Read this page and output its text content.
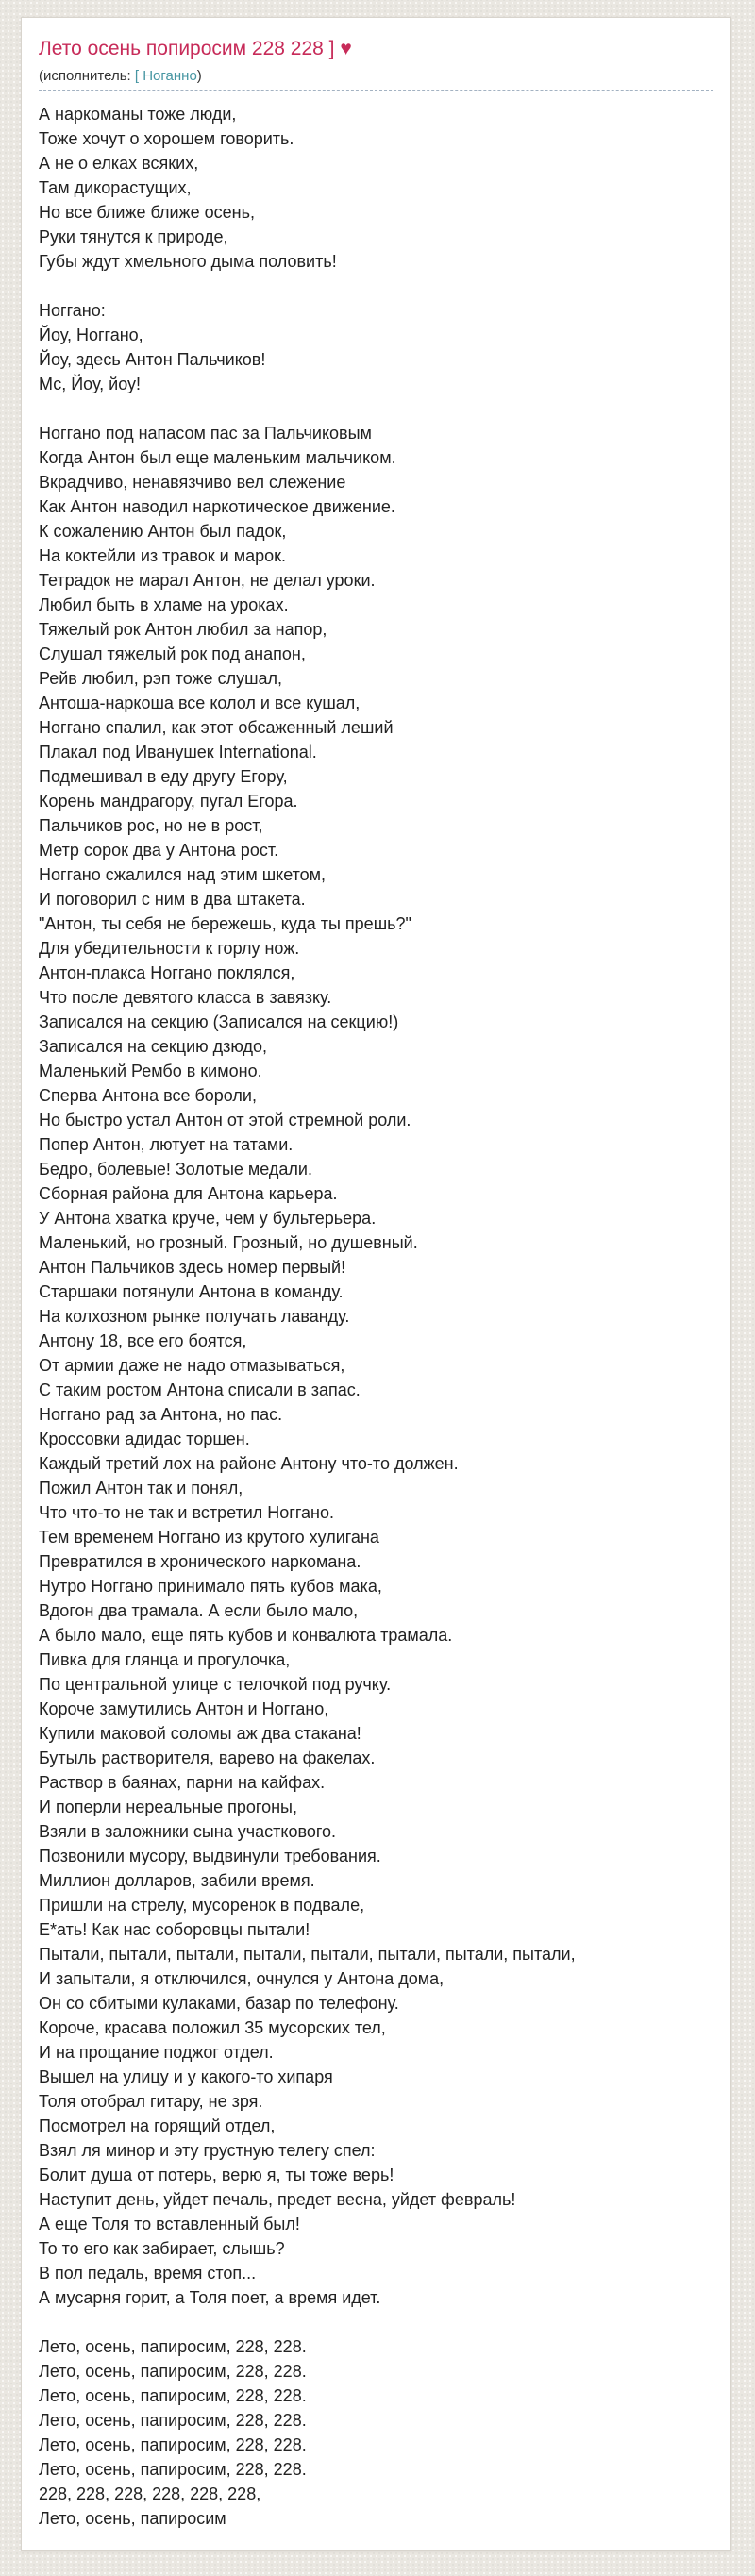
Лето осень попиросим 228 228 ] ♥
(исполнитель: [ Ноганно)

А наркоманы тоже люди,
Тоже хочут о хорошем говорить.
А не о елках всяких,
Там дикорастущих,
Но все ближе ближе осень,
Руки тянутся к природе,
Губы ждут хмельного дыма половить!

Ноггано:
Йоу, Ноггано,
Йоу, здесь Антон Пальчиков!
Мс, Йоу, йоу!

Ноггано под напасом пас за Пальчиковым
Когда Антон был еще маленьким мальчиком.
Вкрадчиво, ненавязчиво вел слежение
Как Антон наводил наркотическое движение.
К сожалению Антон был падок,
На коктейли из травок и марок.
Тетрадок не марал Антон, не делал уроки.
Любил быть в хламе на уроках.
Тяжелый рок Антон любил за напор,
Слушал тяжелый рок под анапон,
Рейв любил, рэп тоже слушал,
Антоша-наркоша все колол и все кушал,
Ноггано спалил, как этот обсаженный леший
Плакал под Иванушек International.
Подмешивал в еду другу Егору,
Корень мандрагору, пугал Егора.
Пальчиков рос, но не в рост,
Метр сорок два у Антона рост.
Ноггано сжалился над этим шкетом,
И поговорил с ним в два штакета.
"Антон, ты себя не бережешь, куда ты прешь?"
Для убедительности к горлу нож.
Антон-плакса Ноггано поклялся,
Что после девятого класса в завязку.
Записался на секцию (Записался на секцию!)
Записался на секцию дзюдо,
Маленький Рембо в кимоно.
Сперва Антона все бороли,
Но быстро устал Антон от этой стремной роли.
Попер Антон, лютует на татами.
Бедро, болевые! Золотые медали.
Сборная района для Антона карьера.
У Антона хватка круче, чем у бультерьера.
Маленький, но грозный. Грозный, но душевный.
Антон Пальчиков здесь номер первый!
Старшаки потянули Антона в команду.
На колхозном рынке получать лаванду.
Антону 18, все его боятся,
От армии даже не надо отмазываться,
С таким ростом Антона списали в запас.
Ноггано рад за Антона, но пас.
Кроссовки адидас торшен.
Каждый третий лох на районе Антону что-то должен.
Пожил Антон так и понял,
Что что-то не так и встретил Ноггано.
Тем временем Ноггано из крутого хулигана
Превратился в хронического наркомана.
Нутро Ноггано принимало пять кубов мака,
Вдогон два трамала. А если было мало,
А было мало, еще пять кубов и конвалюта трамала.
Пивка для глянца и прогулочка,
По центральной улице с телочкой под ручку.
Короче замутились Антон и Ноггано,
Купили маковой соломы аж два стакана!
Бутыль растворителя, варево на факелах.
Раствор в баянах, парни на кайфах.
И поперли нереальные прогоны,
Взяли в заложники сына участкового.
Позвонили мусору, выдвинули требования.
Миллион долларов, забили время.
Пришли на стрелу, мусоренок в подвале,
Е*ать! Как нас соборовцы пытали!
Пытали, пытали, пытали, пытали, пытали, пытали, пытали, пытали,
И запытали, я отключился, очнулся у Антона дома,
Он со сбитыми кулаками, базар по телефону.
Короче, красава положил 35 мусорских тел,
И на прощание поджог отдел.
Вышел на улицу и у какого-то хипаря
Толя отобрал гитару, не зря.
Посмотрел на горящий отдел,
Взял ля минор и эту грустную телегу спел:
Болит душа от потерь, верю я, ты тоже верь!
Наступит день, уйдет печаль, предет весна, уйдет февраль!
А еще Толя то вставленный был!
То то его как забирает, слышь?
В пол педаль, время стоп...
А мусарня горит, а Толя поет, а время идет.

Лето, осень, папиросим, 228, 228.
Лето, осень, папиросим, 228, 228.
Лето, осень, папиросим, 228, 228.
Лето, осень, папиросим, 228, 228.
Лето, осень, папиросим, 228, 228.
Лето, осень, папиросим, 228, 228.
228, 228, 228, 228, 228, 228,
Лето, осень, папиросим
